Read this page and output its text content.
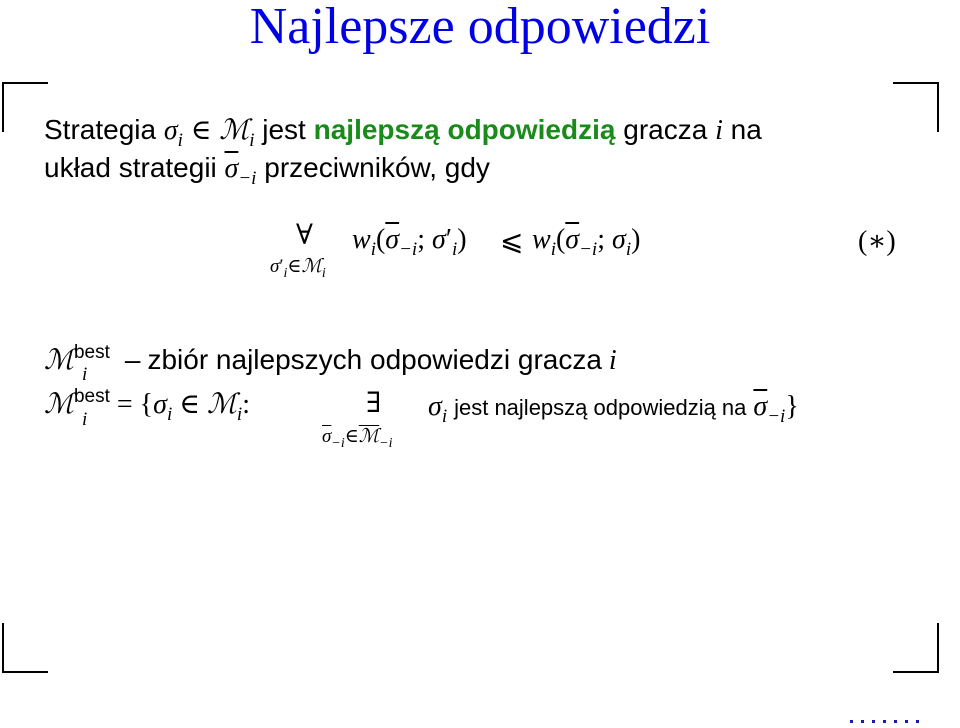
Najlepsze odpowiedzi
Strategia $\sigma_i$ ∈ ℳ$_i$ jest najlepszą odpowiedzią gracza i na
układ strategii $\overline{\sigma}_{-i}$ przeciwników, gdy
∀
$\sigma'_i\in ℳ_i$
$w_i(\overline{\sigma}_{-i}$; $\sigma'_i$) ⩽ $w_i(\overline{\sigma}_{-i}$; $\sigma_i$)	(∗)
ℳ$^{best}$ – zbiór najlepszych odpowiedzi gracza i
i
ℳ$^{best}$ = {$\sigma_i$ ∈ ℳ$_i$:
i
∃
$\overline{\sigma}_{-i}\in ℳ_{-i}$
$\sigma_i$ jest najlepszą odpowiedzią na $\overline{\sigma}_{-i}$}
